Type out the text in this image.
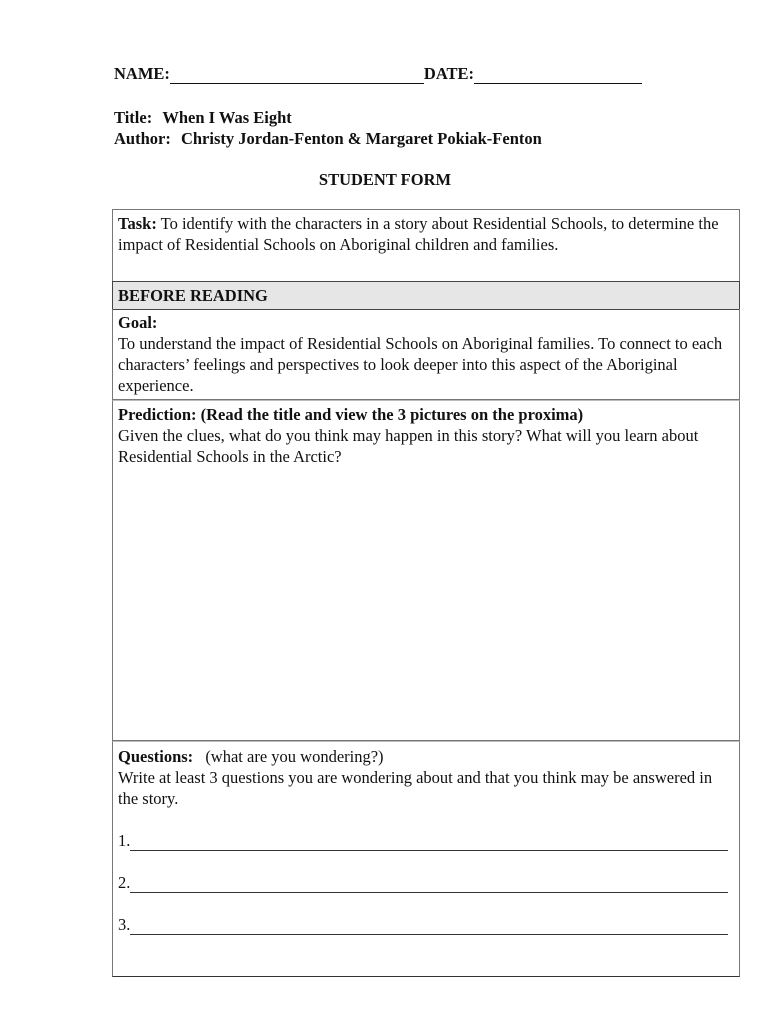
NAME:	DATE:
Title: When I Was Eight
Author: Christy Jordan-Fenton & Margaret Pokiak-Fenton
STUDENT FORM
Task: To identify with the characters in a story about Residential Schools, to determine the impact of Residential Schools on Aboriginal children and families.
BEFORE READING
Goal:
To understand the impact of Residential Schools on Aboriginal families. To connect to each characters’ feelings and perspectives to look deeper into this aspect of the Aboriginal experience.
Prediction: (Read the title and view the 3 pictures on the proxima)
Given the clues, what do you think may happen in this story? What will you learn about Residential Schools in the Arctic?
Questions: (what are you wondering?)
Write at least 3 questions you are wondering about and that you think may be answered in the story.
1.
2.
3.
